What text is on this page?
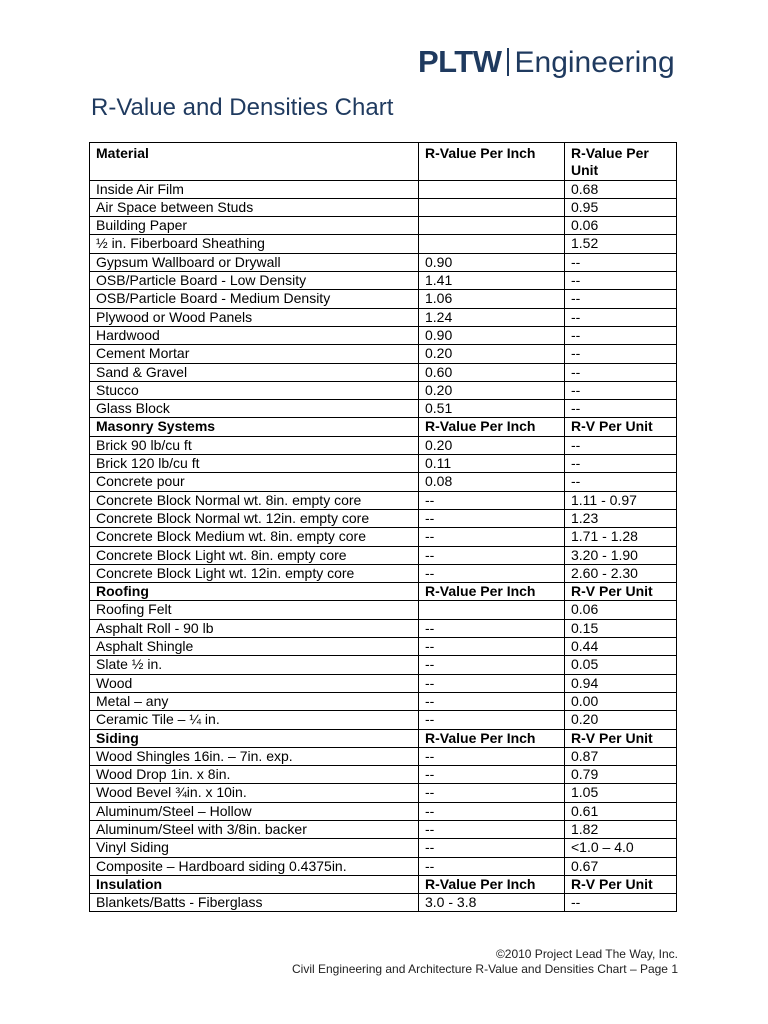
PLTW Engineering
R-Value and Densities Chart
Material	R-Value Per Inch	R-Value Per Unit
Inside Air Film		0.68
Air Space between Studs		0.95
Building Paper		0.06
½ in. Fiberboard Sheathing		1.52
Gypsum Wallboard or Drywall	0.90	--
OSB/Particle Board - Low Density	1.41	--
OSB/Particle Board - Medium Density	1.06	--
Plywood or Wood Panels	1.24	--
Hardwood	0.90	--
Cement Mortar	0.20	--
Sand & Gravel	0.60	--
Stucco	0.20	--
Glass Block	0.51	--
Masonry Systems	R-Value Per Inch	R-V Per Unit
Brick 90 lb/cu ft	0.20	--
Brick 120 lb/cu ft	0.11	--
Concrete pour	0.08	--
Concrete Block Normal wt. 8in. empty core	--	1.11 - 0.97
Concrete Block Normal wt. 12in. empty core	--	1.23
Concrete Block Medium wt. 8in. empty core	--	1.71 - 1.28
Concrete Block Light wt. 8in. empty core	--	3.20 - 1.90
Concrete Block Light wt. 12in. empty core	--	2.60 - 2.30
Roofing	R-Value Per Inch	R-V Per Unit
Roofing Felt		0.06
Asphalt Roll - 90 lb	--	0.15
Asphalt Shingle	--	0.44
Slate ½ in.	--	0.05
Wood	--	0.94
Metal – any	--	0.00
Ceramic Tile – ¼ in.	--	0.20
Siding	R-Value Per Inch	R-V Per Unit
Wood Shingles 16in. – 7in. exp.	--	0.87
Wood Drop 1in. x 8in.	--	0.79
Wood Bevel ¾in. x 10in.	--	1.05
Aluminum/Steel – Hollow	--	0.61
Aluminum/Steel with 3/8in. backer	--	1.82
Vinyl Siding	--	<1.0 – 4.0
Composite – Hardboard siding 0.4375in.	--	0.67
Insulation	R-Value Per Inch	R-V Per Unit
Blankets/Batts - Fiberglass	3.0 - 3.8	--
©2010 Project Lead The Way, Inc.
Civil Engineering and Architecture R-Value and Densities Chart – Page 1
